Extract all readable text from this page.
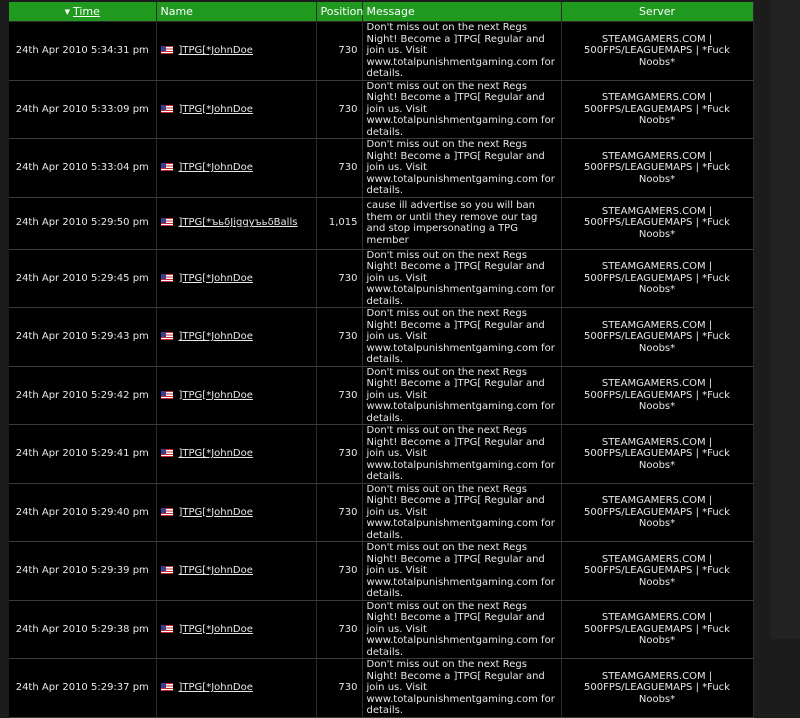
▼ Time	Name	Position	Message	Server
24th Apr 2010 5:34:31 pm	]TPG[*JohnDoe	730	Don't miss out on the next Regs Night! Become a ]TPG[ Regular and join us. Visit www.totalpunishmentgaming.com for details.	STEAMGAMERS.COM | 500FPS/LEAGUEMAPS | *Fuck Noobs*
24th Apr 2010 5:33:09 pm	]TPG[*JohnDoe	730	Don't miss out on the next Regs Night! Become a ]TPG[ Regular and join us. Visit www.totalpunishmentgaming.com for details.	STEAMGAMERS.COM | 500FPS/LEAGUEMAPS | *Fuck Noobs*
24th Apr 2010 5:33:04 pm	]TPG[*JohnDoe	730	Don't miss out on the next Regs Night! Become a ]TPG[ Regular and join us. Visit www.totalpunishmentgaming.com for details.	STEAMGAMERS.COM | 500FPS/LEAGUEMAPS | *Fuck Noobs*
24th Apr 2010 5:29:50 pm	]TPG[*ъьδJiggyъьδBalls	1,015	cause ill advertise so you will ban them or until they remove our tag and stop impersonating a TPG member	STEAMGAMERS.COM | 500FPS/LEAGUEMAPS | *Fuck Noobs*
24th Apr 2010 5:29:45 pm	]TPG[*JohnDoe	730	Don't miss out on the next Regs Night! Become a ]TPG[ Regular and join us. Visit www.totalpunishmentgaming.com for details.	STEAMGAMERS.COM | 500FPS/LEAGUEMAPS | *Fuck Noobs*
24th Apr 2010 5:29:43 pm	]TPG[*JohnDoe	730	Don't miss out on the next Regs Night! Become a ]TPG[ Regular and join us. Visit www.totalpunishmentgaming.com for details.	STEAMGAMERS.COM | 500FPS/LEAGUEMAPS | *Fuck Noobs*
24th Apr 2010 5:29:42 pm	]TPG[*JohnDoe	730	Don't miss out on the next Regs Night! Become a ]TPG[ Regular and join us. Visit www.totalpunishmentgaming.com for details.	STEAMGAMERS.COM | 500FPS/LEAGUEMAPS | *Fuck Noobs*
24th Apr 2010 5:29:41 pm	]TPG[*JohnDoe	730	Don't miss out on the next Regs Night! Become a ]TPG[ Regular and join us. Visit www.totalpunishmentgaming.com for details.	STEAMGAMERS.COM | 500FPS/LEAGUEMAPS | *Fuck Noobs*
24th Apr 2010 5:29:40 pm	]TPG[*JohnDoe	730	Don't miss out on the next Regs Night! Become a ]TPG[ Regular and join us. Visit www.totalpunishmentgaming.com for details.	STEAMGAMERS.COM | 500FPS/LEAGUEMAPS | *Fuck Noobs*
24th Apr 2010 5:29:39 pm	]TPG[*JohnDoe	730	Don't miss out on the next Regs Night! Become a ]TPG[ Regular and join us. Visit www.totalpunishmentgaming.com for details.	STEAMGAMERS.COM | 500FPS/LEAGUEMAPS | *Fuck Noobs*
24th Apr 2010 5:29:38 pm	]TPG[*JohnDoe	730	Don't miss out on the next Regs Night! Become a ]TPG[ Regular and join us. Visit www.totalpunishmentgaming.com for details.	STEAMGAMERS.COM | 500FPS/LEAGUEMAPS | *Fuck Noobs*
24th Apr 2010 5:29:37 pm	]TPG[*JohnDoe	730	Don't miss out on the next Regs Night! Become a ]TPG[ Regular and join us. Visit www.totalpunishmentgaming.com for details.	STEAMGAMERS.COM | 500FPS/LEAGUEMAPS | *Fuck Noobs*
